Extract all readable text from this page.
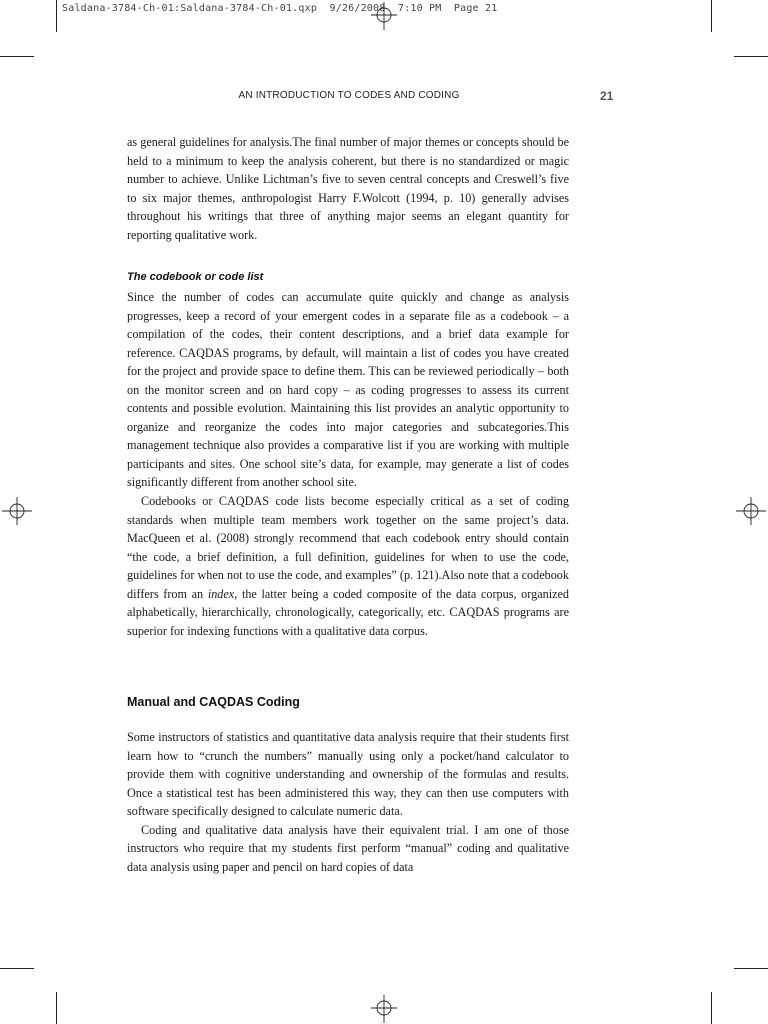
Saldana-3784-Ch-01:Saldana-3784-Ch-01.qxp  9/26/2008  7:10 PM  Page 21
AN INTRODUCTION TO CODES AND CODING	21

as general guidelines for analysis.The final number of major themes or concepts should be held to a minimum to keep the analysis coherent, but there is no standardized or magic number to achieve. Unlike Lichtman’s five to seven central concepts and Creswell’s five to six major themes, anthropologist Harry F.Wolcott (1994, p. 10) generally advises throughout his writings that three of anything major seems an elegant quantity for reporting qualitative work.

The codebook or code list

Since the number of codes can accumulate quite quickly and change as analysis progresses, keep a record of your emergent codes in a separate file as a codebook – a compilation of the codes, their content descriptions, and a brief data example for reference. CAQDAS programs, by default, will maintain a list of codes you have created for the project and provide space to define them. This can be reviewed periodically – both on the monitor screen and on hard copy – as coding progresses to assess its current contents and possible evolution. Maintaining this list provides an analytic opportunity to organize and reorganize the codes into major categories and subcategories.This management technique also provides a comparative list if you are working with multiple participants and sites. One school site’s data, for example, may generate a list of codes significantly different from another school site.

Codebooks or CAQDAS code lists become especially critical as a set of coding standards when multiple team members work together on the same project’s data. MacQueen et al. (2008) strongly recommend that each codebook entry should contain “the code, a brief definition, a full definition, guidelines for when to use the code, guidelines for when not to use the code, and examples” (p. 121).Also note that a codebook differs from an index, the latter being a coded composite of the data corpus, organized alphabetically, hierarchically, chronologically, categorically, etc. CAQDAS programs are superior for indexing functions with a qualitative data corpus.

Manual and CAQDAS Coding

Some instructors of statistics and quantitative data analysis require that their students first learn how to “crunch the numbers” manually using only a pocket/hand calculator to provide them with cognitive understanding and ownership of the formulas and results. Once a statistical test has been administered this way, they can then use computers with software specifically designed to calculate numeric data.

Coding and qualitative data analysis have their equivalent trial. I am one of those instructors who require that my students first perform “manual” coding and qualitative data analysis using paper and pencil on hard copies of data
